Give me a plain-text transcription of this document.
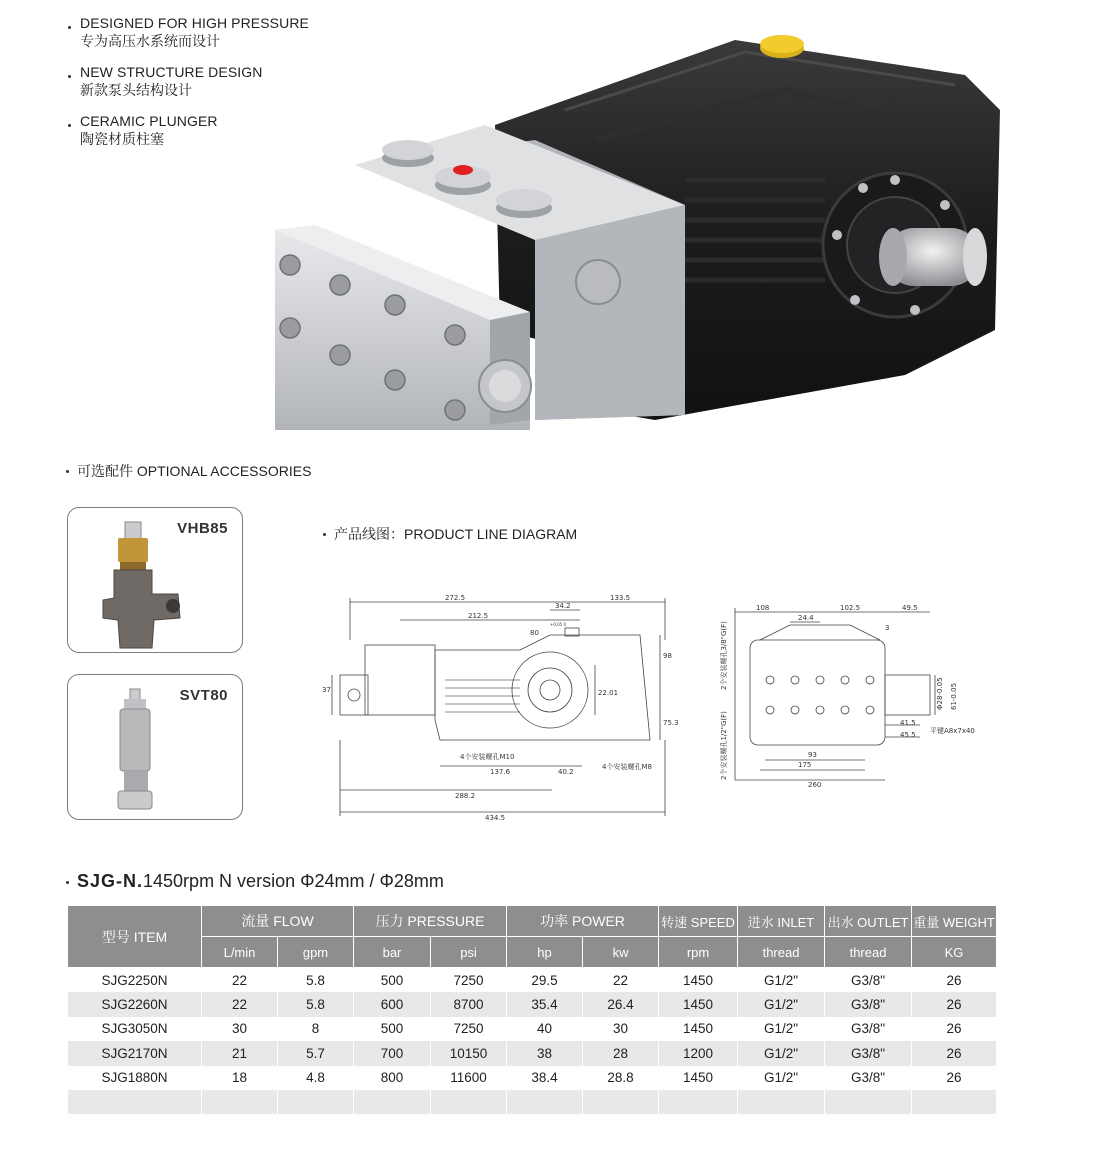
DESIGNED FOR HIGH PRESSURE
专为高压水系统而设计
NEW STRUCTURE DESIGN
新款泵头结构设计
CERAMIC PLUNGER
陶瓷材质柱塞
可选配件 OPTIONAL ACCESSORIES
VHB85
SVT80
产品线图：PRODUCT LINE DIAGRAM
272.5	133.5
212.5
34.2
80
+0.05 0
98
75.3
37	22.01
4个安装螺孔M10
4个安装螺孔M8
137.6	40.2
288.2
434.5
108	102.5	49.5
24.4
3
2个安装螺孔3/8"G(F)
2个安装螺孔1/2"G(F)
Φ28-0.05 61-0.05
41.5
45.5 平键A8x7x40
93
175
260
SJG-N.1450rpm N version Φ24mm / Φ28mm
型号 ITEM	流量 FLOW		压力 PRESSURE		功率 POWER		转速 SPEED	进水 INLET	出水 OUTLET	重量 WEIGHT
	L/min	gpm	bar	psi	hp	kw	rpm	thread	thread	KG
SJG2250N	22	5.8	500	7250	29.5	22	1450	G1/2"	G3/8"	26
SJG2260N	22	5.8	600	8700	35.4	26.4	1450	G1/2"	G3/8"	26
SJG3050N	30	8	500	7250	40	30	1450	G1/2"	G3/8"	26
SJG2170N	21	5.7	700	10150	38	28	1200	G1/2"	G3/8"	26
SJG1880N	18	4.8	800	11600	38.4	28.8	1450	G1/2"	G3/8"	26
